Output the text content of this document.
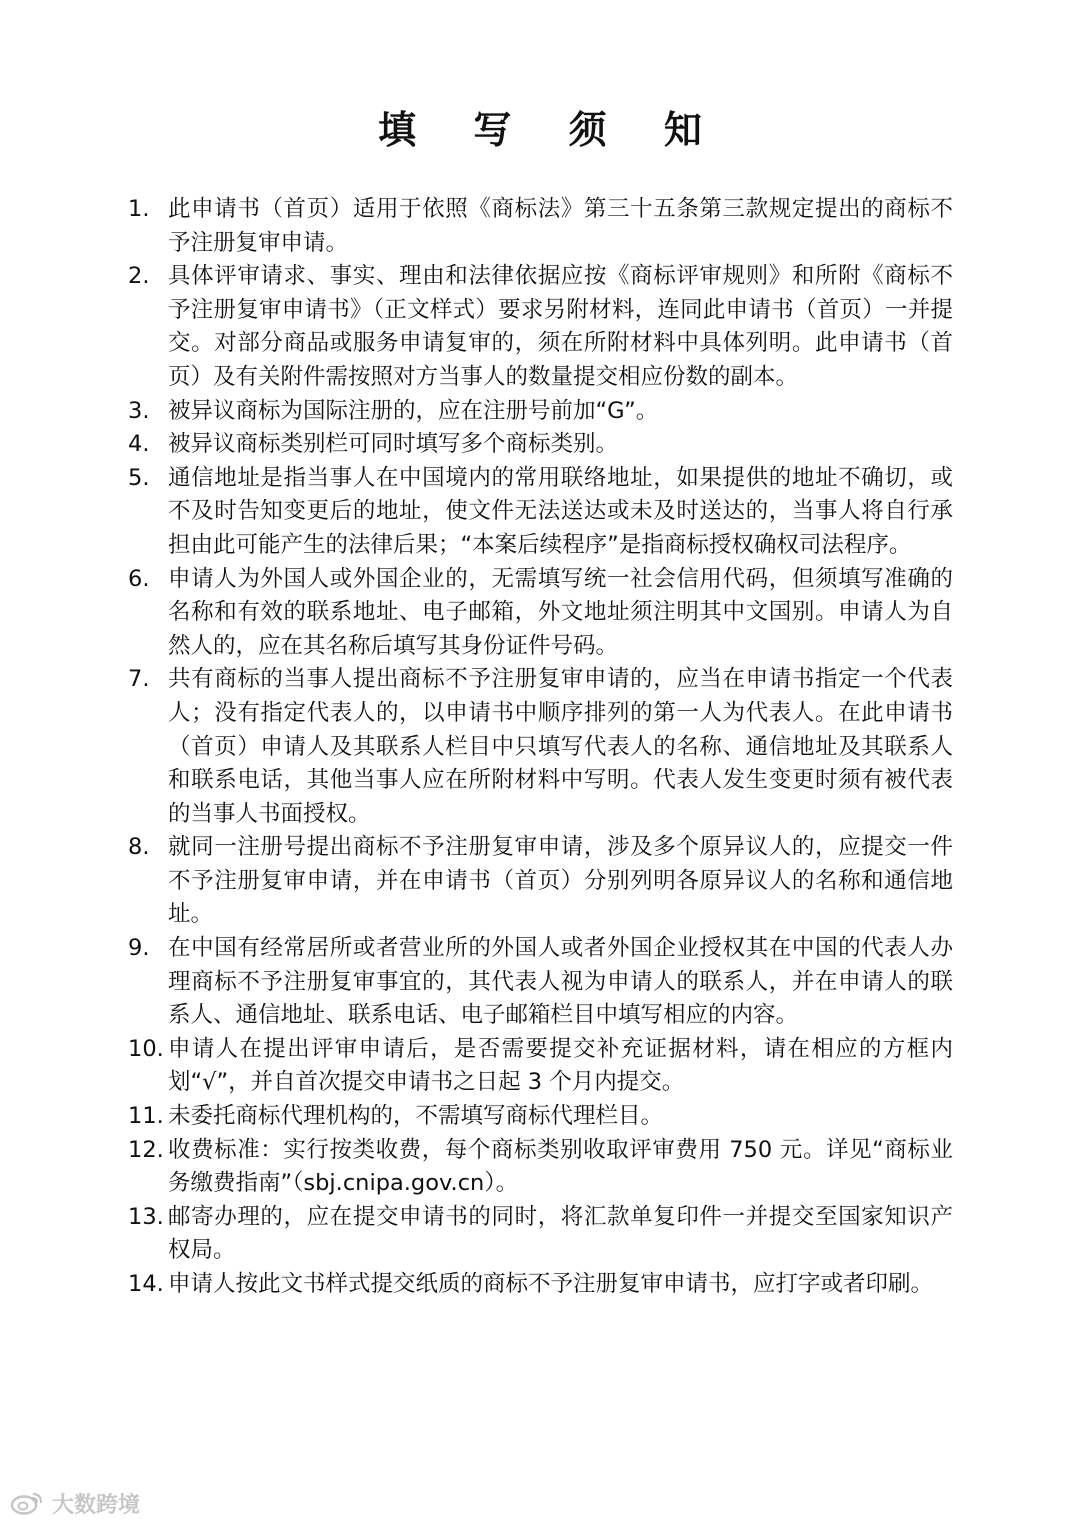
填 写 须 知
1. 此申请书（首页）适用于依照《商标法》第三十五条第三款规定提出的商标不予注册复审申请。
2. 具体评审请求、事实、理由和法律依据应按《商标评审规则》和所附《商标不予注册复审申请书》（正文样式）要求另附材料，连同此申请书（首页）一并提交。对部分商品或服务申请复审的，须在所附材料中具体列明。此申请书（首页）及有关附件需按照对方当事人的数量提交相应份数的副本。
3. 被异议商标为国际注册的，应在注册号前加“G”。
4. 被异议商标类别栏可同时填写多个商标类别。
5. 通信地址是指当事人在中国境内的常用联络地址，如果提供的地址不确切，或不及时告知变更后的地址，使文件无法送达或未及时送达的，当事人将自行承担由此可能产生的法律后果；“本案后续程序”是指商标授权确权司法程序。
6. 申请人为外国人或外国企业的，无需填写统一社会信用代码，但须填写准确的名称和有效的联系地址、电子邮箱，外文地址须注明其中文国别。申请人为自然人的，应在其名称后填写其身份证件号码。
7. 共有商标的当事人提出商标不予注册复审申请的，应当在申请书指定一个代表人；没有指定代表人的，以申请书中顺序排列的第一人为代表人。在此申请书（首页）申请人及其联系人栏目中只填写代表人的名称、通信地址及其联系人和联系电话，其他当事人应在所附材料中写明。代表人发生变更时须有被代表的当事人书面授权。
8. 就同一注册号提出商标不予注册复审申请，涉及多个原异议人的，应提交一件不予注册复审申请，并在申请书（首页）分别列明各原异议人的名称和通信地址。
9. 在中国有经常居所或者营业所的外国人或者外国企业授权其在中国的代表人办理商标不予注册复审事宜的，其代表人视为申请人的联系人，并在申请人的联系人、通信地址、联系电话、电子邮箱栏目中填写相应的内容。
10. 申请人在提出评审申请后，是否需要提交补充证据材料，请在相应的方框内划“√”，并自首次提交申请书之日起 3 个月内提交。
11. 未委托商标代理机构的，不需填写商标代理栏目。
12. 收费标准：实行按类收费，每个商标类别收取评审费用 750 元。详见“商标业务缴费指南”（sbj.cnipa.gov.cn）。
13. 邮寄办理的，应在提交申请书的同时，将汇款单复印件一并提交至国家知识产权局。
14. 申请人按此文书样式提交纸质的商标不予注册复审申请书，应打字或者印刷。
大数跨境
